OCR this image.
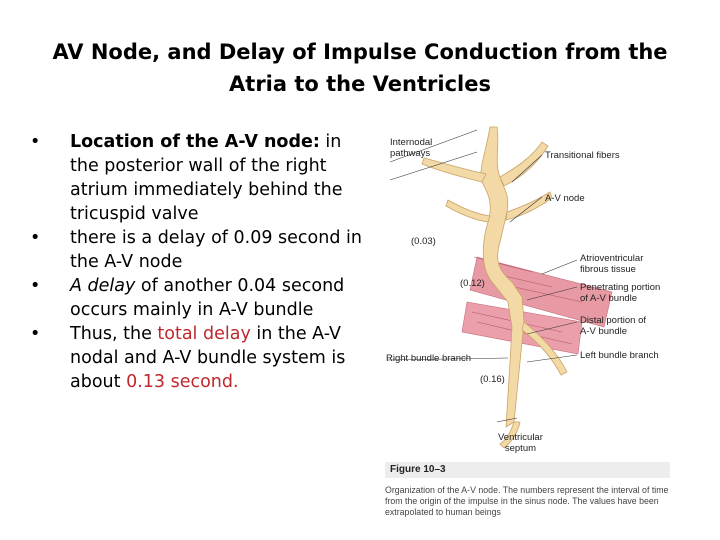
AV Node, and Delay of Impulse Conduction from the
Atria to the Ventricles
• Location of the A-V node: in the posterior wall of the right atrium immediately behind the tricuspid valve
• there is a delay of 0.09 second in the A-V node
• A delay of another 0.04 second occurs mainly in A-V bundle
• Thus, the total delay in the A-V nodal and A-V bundle system is about 0.13 second.
Internodal
pathways	Transitional fibers
A-V node
(0.03)
Atrioventricular
fibrous tissue
(0.12)	Penetrating portion
of A-V bundle
Distal portion of
A-V bundle
Right bundle branch	Left bundle branch
(0.16)
Ventricular
septum
Figure 10–3
Organization of the A-V node. The numbers represent the interval of time from the origin of the impulse in the sinus node. The values have been extrapolated to human beings
